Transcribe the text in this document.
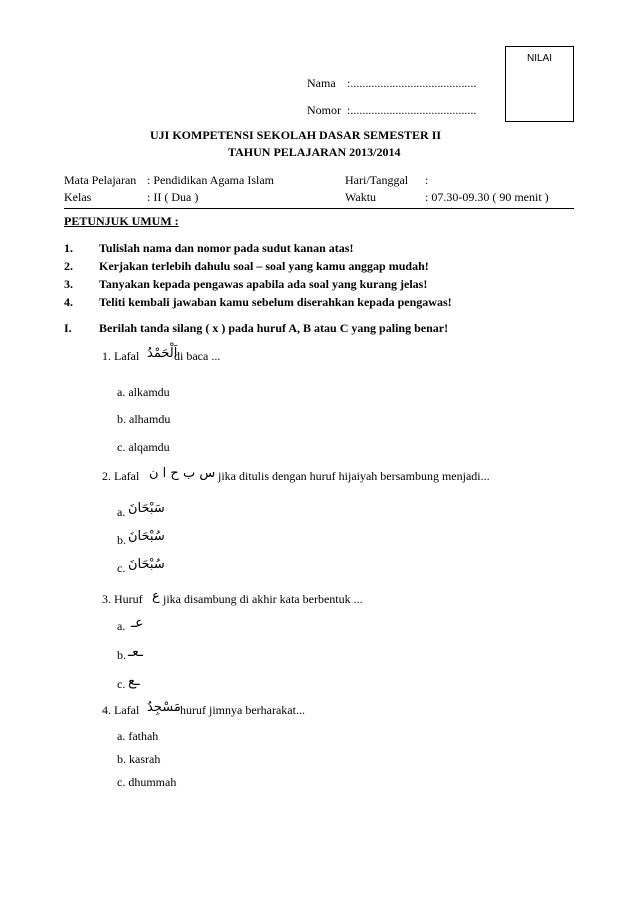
NILAI
Nama :..........................................
Nomor :..........................................
UJI KOMPETENSI SEKOLAH DASAR SEMESTER II
TAHUN PELAJARAN 2013/2014
Mata Pelajaran : Pendidikan Agama Islam	Hari/Tanggal :
Kelas	: II ( Dua )	Waktu	: 07.30-09.30 ( 90 menit )
PETUNJUK UMUM :
1. Tulislah nama dan nomor pada sudut kanan atas!
2. Kerjakan terlebih dahulu soal – soal yang kamu anggap mudah!
3. Tanyakan kepada pengawas apabila ada soal yang kurang jelas!
4. Teliti kembali jawaban kamu sebelum diserahkan kepada pengawas!
I. Berilah tanda silang ( x ) pada huruf A, B atau C yang paling benar!
1. Lafal اَلْحَمْدُ
di baca ...
a. alkamdu
b. alhamdu
c. alqamdu
2. Lafal س ب ح ا ن jika ditulis dengan huruf hijaiyah bersambung menjadi...
a. سَبْحَانَ
b. سُبْحَانَ
c. سُبْحَانَ
3. Huruf ع jika disambung di akhir kata berbentuk ...
a. عـ
b. ـعـ
c. ـع
4. Lafal مَسْجِدٌ huruf jimnya berharakat...
a. fathah
b. kasrah
c. dhummah
